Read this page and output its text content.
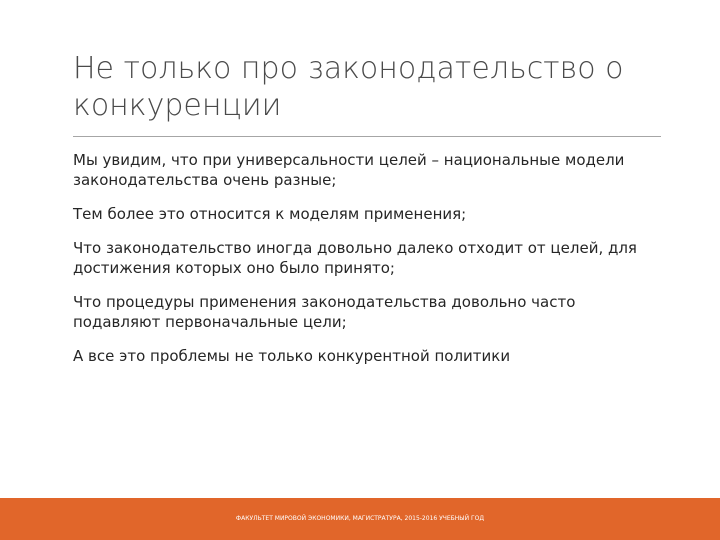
Не только про законодательство о конкуренции
Мы увидим, что при универсальности целей – национальные модели законодательства очень разные;
Тем более это относится к моделям применения;
Что законодательство иногда довольно далеко отходит от целей, для достижения которых оно было принято;
Что процедуры применения законодательства довольно часто подавляют первоначальные цели;
А все это проблемы не только конкурентной политики
ФАКУЛЬТЕТ МИРОВОЙ ЭКОНОМИКИ, МАГИСТРАТУРА, 2015-2016 УЧЕБНЫЙ ГОД
